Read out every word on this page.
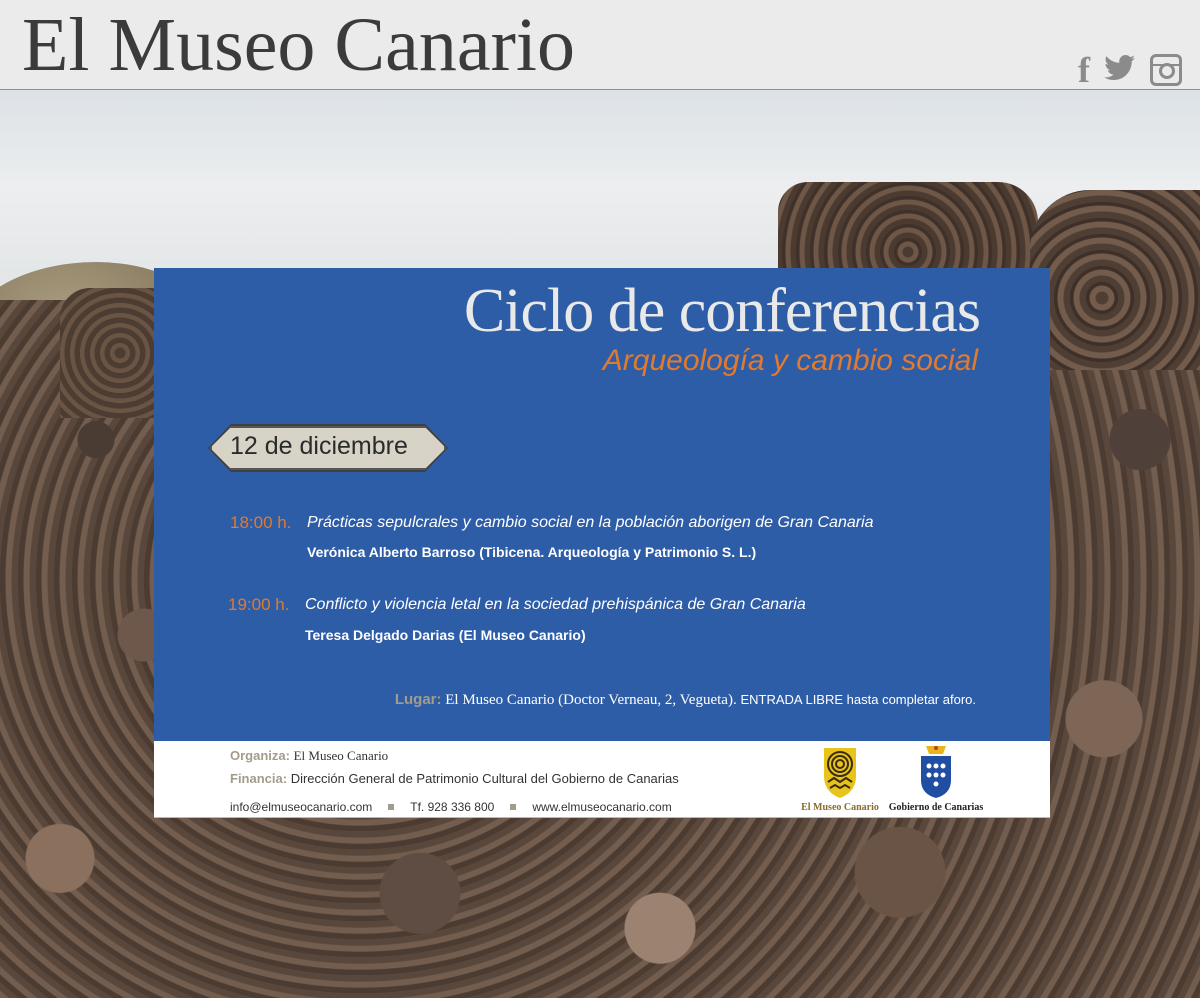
El Museo Canario	f
Ciclo de conferencias
Arqueología y cambio social
12 de diciembre
18:00 h. Prácticas sepulcrales y cambio social en la población aborigen de Gran Canaria
Verónica Alberto Barroso (Tibicena. Arqueología y Patrimonio S. L.)
19:00 h. Conflicto y violencia letal en la sociedad prehispánica de Gran Canaria
Teresa Delgado Darias (El Museo Canario)
Lugar: El Museo Canario (Doctor Verneau, 2, Vegueta). ENTRADA LIBRE hasta completar aforo.
Organiza: El Museo Canario
Financia: Dirección General de Patrimonio Cultural del Gobierno de Canarias
info@elmuseocanario.com	Tf. 928 336 800	www.elmuseocanario.com	El Museo Canario Gobierno de Canarias
